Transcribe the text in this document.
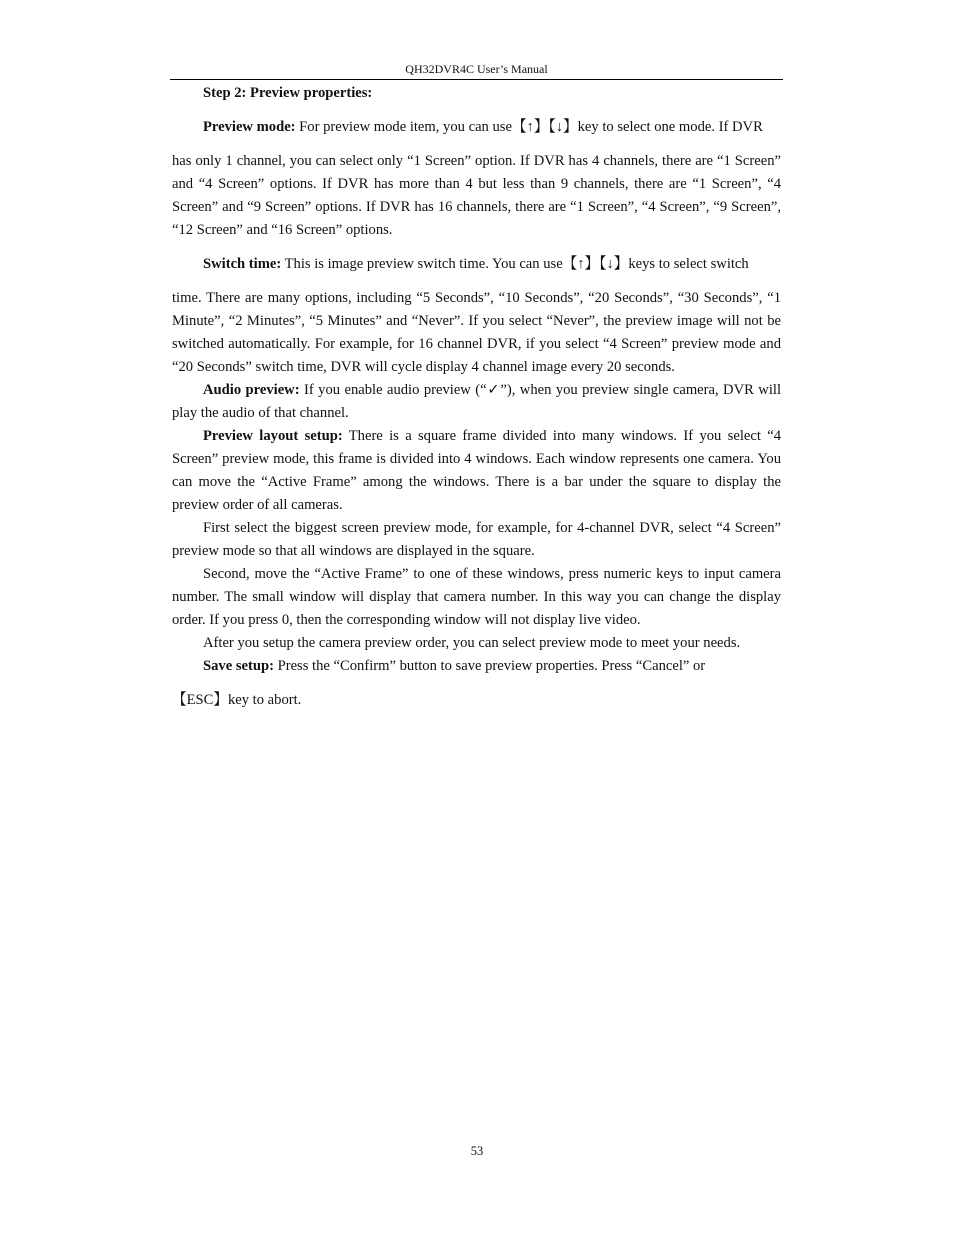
QH32DVR4C User’s Manual

Step 2: Preview properties:

Preview mode: For preview mode item, you can use【↑】【↓】key to select one mode. If DVR

has only 1 channel, you can select only “1 Screen” option. If DVR has 4 channels, there are “1 Screen” and “4 Screen” options. If DVR has more than 4 but less than 9 channels, there are “1 Screen”, “4 Screen” and “9 Screen” options. If DVR has 16 channels, there are “1 Screen”, “4 Screen”, “9 Screen”, “12 Screen” and “16 Screen” options.

Switch time: This is image preview switch time. You can use【↑】【↓】keys to select switch

time. There are many options, including “5 Seconds”, “10 Seconds”, “20 Seconds”, “30 Seconds”, “1 Minute”, “2 Minutes”, “5 Minutes” and “Never”. If you select “Never”, the preview image will not be switched automatically. For example, for 16 channel DVR, if you select “4 Screen” preview mode and “20 Seconds” switch time, DVR will cycle display 4 channel image every 20 seconds.

Audio preview: If you enable audio preview (“✓”), when you preview single camera, DVR will play the audio of that channel.

Preview layout setup: There is a square frame divided into many windows. If you select “4 Screen” preview mode, this frame is divided into 4 windows. Each window represents one camera. You can move the “Active Frame” among the windows. There is a bar under the square to display the preview order of all cameras.

First select the biggest screen preview mode, for example, for 4-channel DVR, select “4 Screen” preview mode so that all windows are displayed in the square.

Second, move the “Active Frame” to one of these windows, press numeric keys to input camera number. The small window will display that camera number. In this way you can change the display order. If you press 0, then the corresponding window will not display live video.

After you setup the camera preview order, you can select preview mode to meet your needs.

Save setup: Press the “Confirm” button to save preview properties. Press “Cancel” or

【ESC】key to abort.

53
